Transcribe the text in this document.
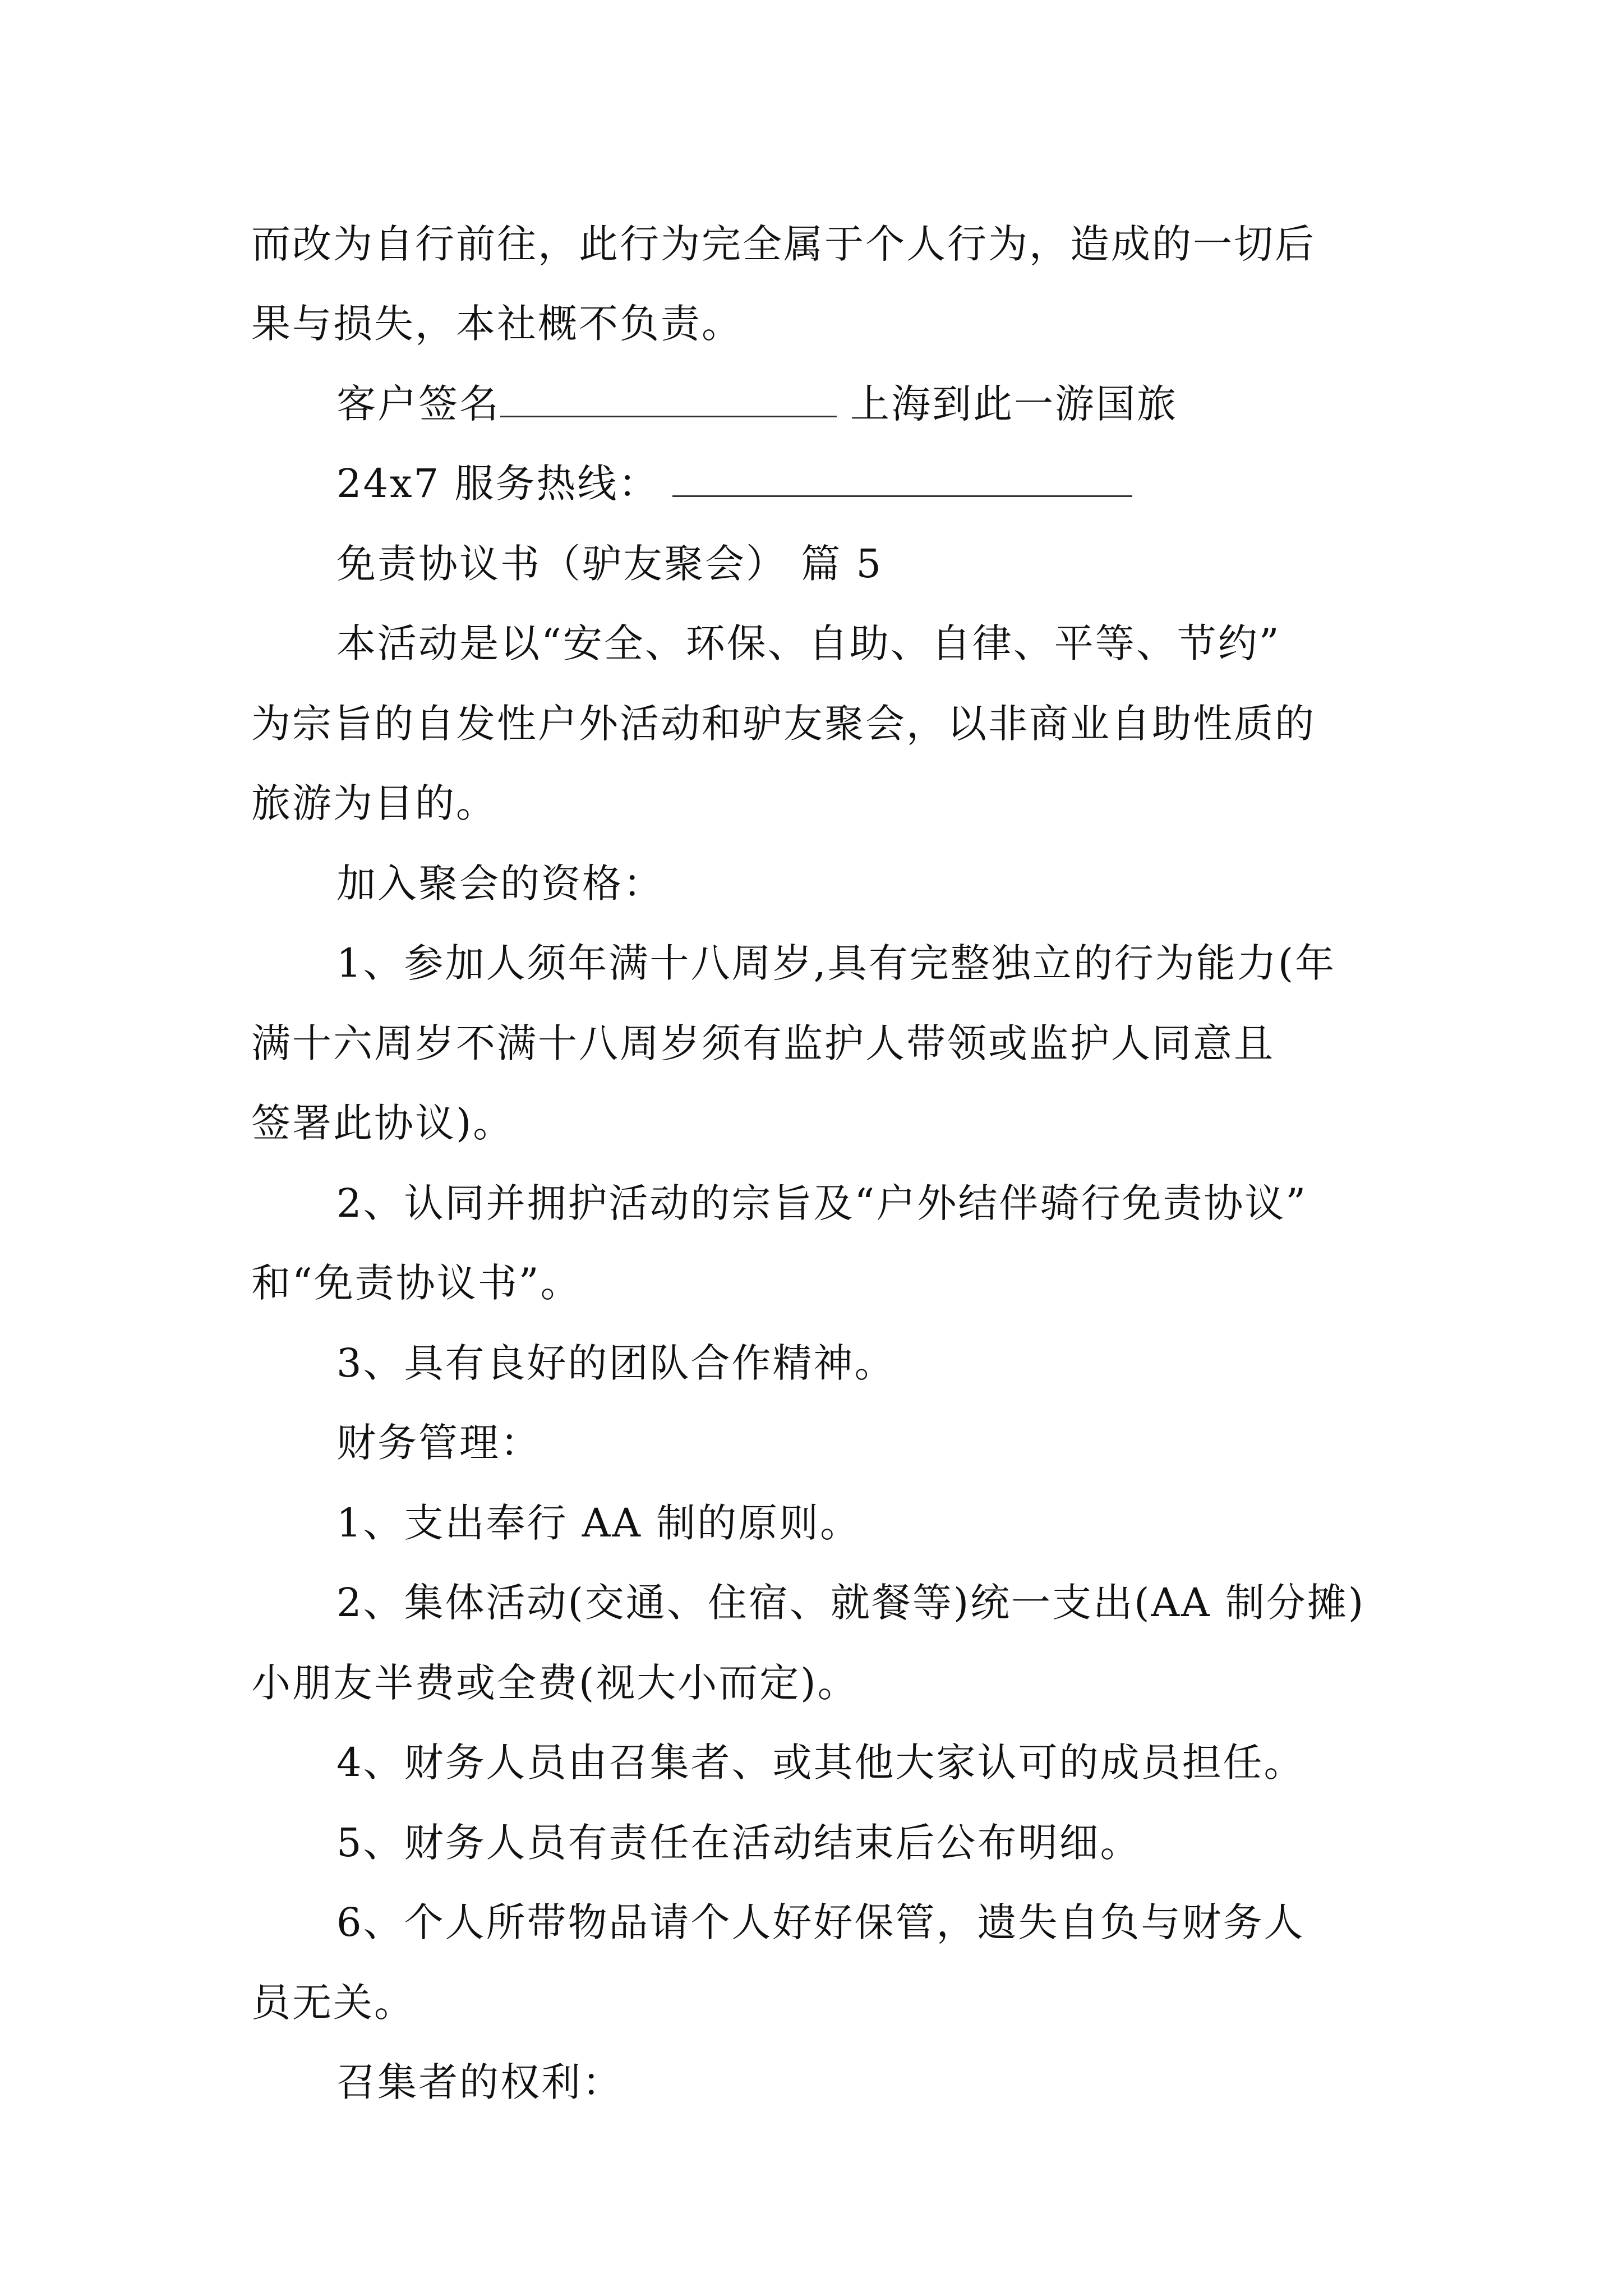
而改为自行前往，此行为完全属于个人行为，造成的一切后
果与损失，本社概不负责。
客户签名	上海到此一游国旅
24x7 服务热线：
免责协议书（驴友聚会） 篇 5
本活动是以“安全、环保、自助、自律、平等、节约”
为宗旨的自发性户外活动和驴友聚会，以非商业自助性质的
旅游为目的。
加入聚会的资格：
1、参加人须年满十八周岁,具有完整独立的行为能力(年
满十六周岁不满十八周岁须有监护人带领或监护人同意且
签署此协议)。
2、认同并拥护活动的宗旨及“户外结伴骑行免责协议”
和“免责协议书”。
3、具有良好的团队合作精神。
财务管理：
1、支出奉行 AA 制的原则。
2、集体活动(交通、住宿、就餐等)统一支出(AA 制分摊)
小朋友半费或全费(视大小而定)。
4、财务人员由召集者、或其他大家认可的成员担任。
5、财务人员有责任在活动结束后公布明细。
6、个人所带物品请个人好好保管，遗失自负与财务人
员无关。
召集者的权利：
